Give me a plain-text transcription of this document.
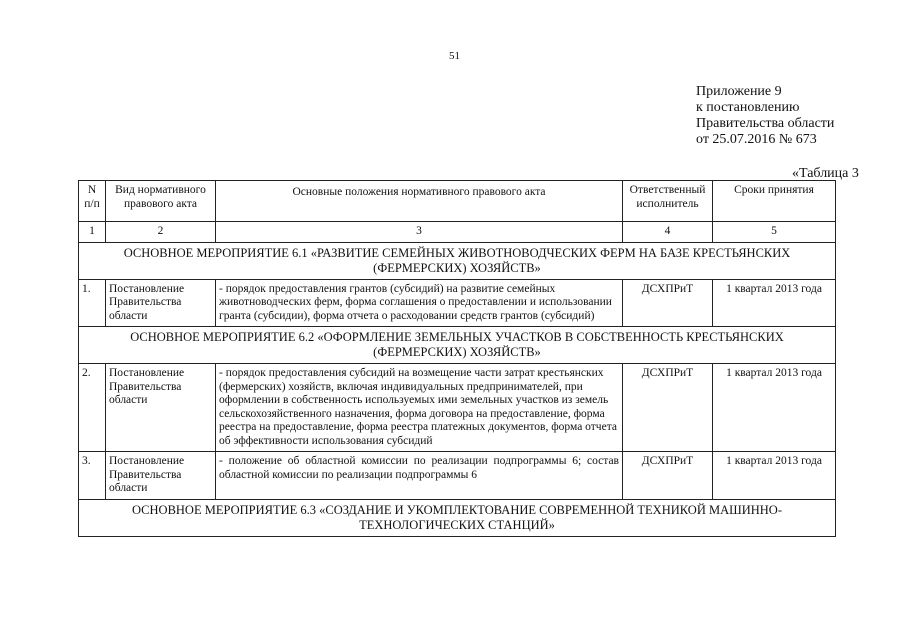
51
Приложение 9
к постановлению
Правительства области
от 25.07.2016 № 673
«Таблица 3
N п/п	Вид нормативного правового акта	Основные положения нормативного правового акта	Ответственный исполнитель	Сроки принятия
1	2	3	4	5
ОСНОВНОЕ МЕРОПРИЯТИЕ 6.1 «РАЗВИТИЕ СЕМЕЙНЫХ ЖИВОТНОВОДЧЕСКИХ ФЕРМ НА БАЗЕ КРЕСТЬЯНСКИХ (ФЕРМЕРСКИХ) ХОЗЯЙСТВ»				
1.	Постановление Правительства области	- порядок предоставления грантов (субсидий) на развитие семейных животноводческих ферм, форма соглашения о предоставлении и использовании гранта (субсидии), форма отчета о расходовании средств грантов (субсидий)	ДСХПРиТ	1 квартал 2013 года
ОСНОВНОЕ МЕРОПРИЯТИЕ 6.2 «ОФОРМЛЕНИЕ ЗЕМЕЛЬНЫХ УЧАСТКОВ В СОБСТВЕННОСТЬ КРЕСТЬЯНСКИХ (ФЕРМЕРСКИХ) ХОЗЯЙСТВ»				
2.	Постановление Правительства области	- порядок предоставления субсидий на возмещение части затрат крестьянских (фермерских) хозяйств, включая индивидуальных предпринимателей, при оформлении в собственность используемых ими земельных участков из земель сельскохозяйственного назначения, форма договора на предоставление, форма реестра на предоставление, форма реестра платежных документов, форма отчета об эффективности использования субсидий	ДСХПРиТ	1 квартал 2013 года
3.	Постановление Правительства области	- положение об областной комиссии по реализации подпрограммы 6; состав областной комиссии по реализации подпрограммы 6	ДСХПРиТ	1 квартал 2013 года
ОСНОВНОЕ МЕРОПРИЯТИЕ 6.3 «СОЗДАНИЕ И УКОМПЛЕКТОВАНИЕ СОВРЕМЕННОЙ ТЕХНИКОЙ МАШИННО-ТЕХНОЛОГИЧЕСКИХ СТАНЦИЙ»				
